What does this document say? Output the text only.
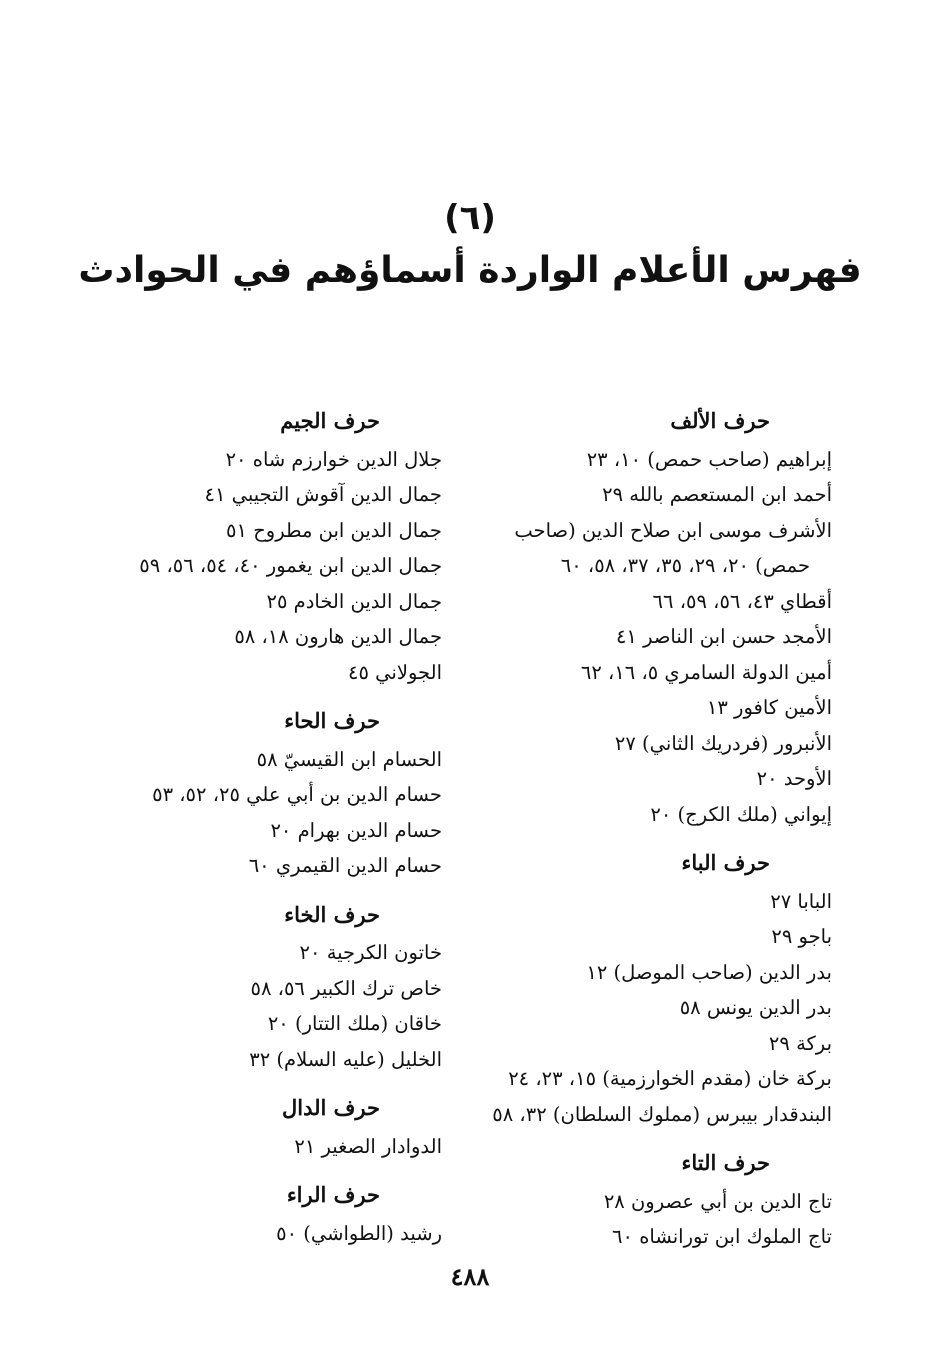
(٦)
فهرس الأعلام الواردة أسماؤهم في الحوادث
حرف الألف
إبراهيم (صاحب حمص) ١٠، ٢٣
أحمد ابن المستعصم بالله ٢٩
الأشرف موسى ابن صلاح الدين (صاحب
حمص) ٢٠، ٢٩، ٣٥، ٣٧، ٥٨، ٦٠
أقطاي ٤٣، ٥٦، ٥٩، ٦٦
الأمجد حسن ابن الناصر ٤١
أمين الدولة السامري ٥، ١٦، ٦٢
الأمين كافور ١٣
الأنبرور (فردريك الثاني) ٢٧
الأوحد ٢٠
إيواني (ملك الكرج) ٢٠
حرف الباء
البابا ٢٧
باجو ٢٩
بدر الدين (صاحب الموصل) ١٢
بدر الدين يونس ٥٨
بركة ٢٩
بركة خان (مقدم الخوارزمية) ١٥، ٢٣، ٢٤
البندقدار بيبرس (مملوك السلطان) ٣٢، ٥٨
حرف التاء
تاج الدين بن أبي عصرون ٢٨
تاج الملوك ابن تورانشاه ٦٠
حرف الجيم
جلال الدين خوارزم شاه ٢٠
جمال الدين آقوش التجيبي ٤١
جمال الدين ابن مطروح ٥١
جمال الدين ابن يغمور ٤٠، ٥٤، ٥٦، ٥٩
جمال الدين الخادم ٢٥
جمال الدين هارون ١٨، ٥٨
الجولاني ٤٥
حرف الحاء
الحسام ابن القيسيّ ٥٨
حسام الدين بن أبي علي ٢٥، ٥٢، ٥٣
حسام الدين بهرام ٢٠
حسام الدين القيمري ٦٠
حرف الخاء
خاتون الكرجية ٢٠
خاص ترك الكبير ٥٦، ٥٨
خاقان (ملك التتار) ٢٠
الخليل (عليه السلام) ٣٢
حرف الدال
الدوادار الصغير ٢١
حرف الراء
رشيد (الطواشي) ٥٠
٤٨٨
